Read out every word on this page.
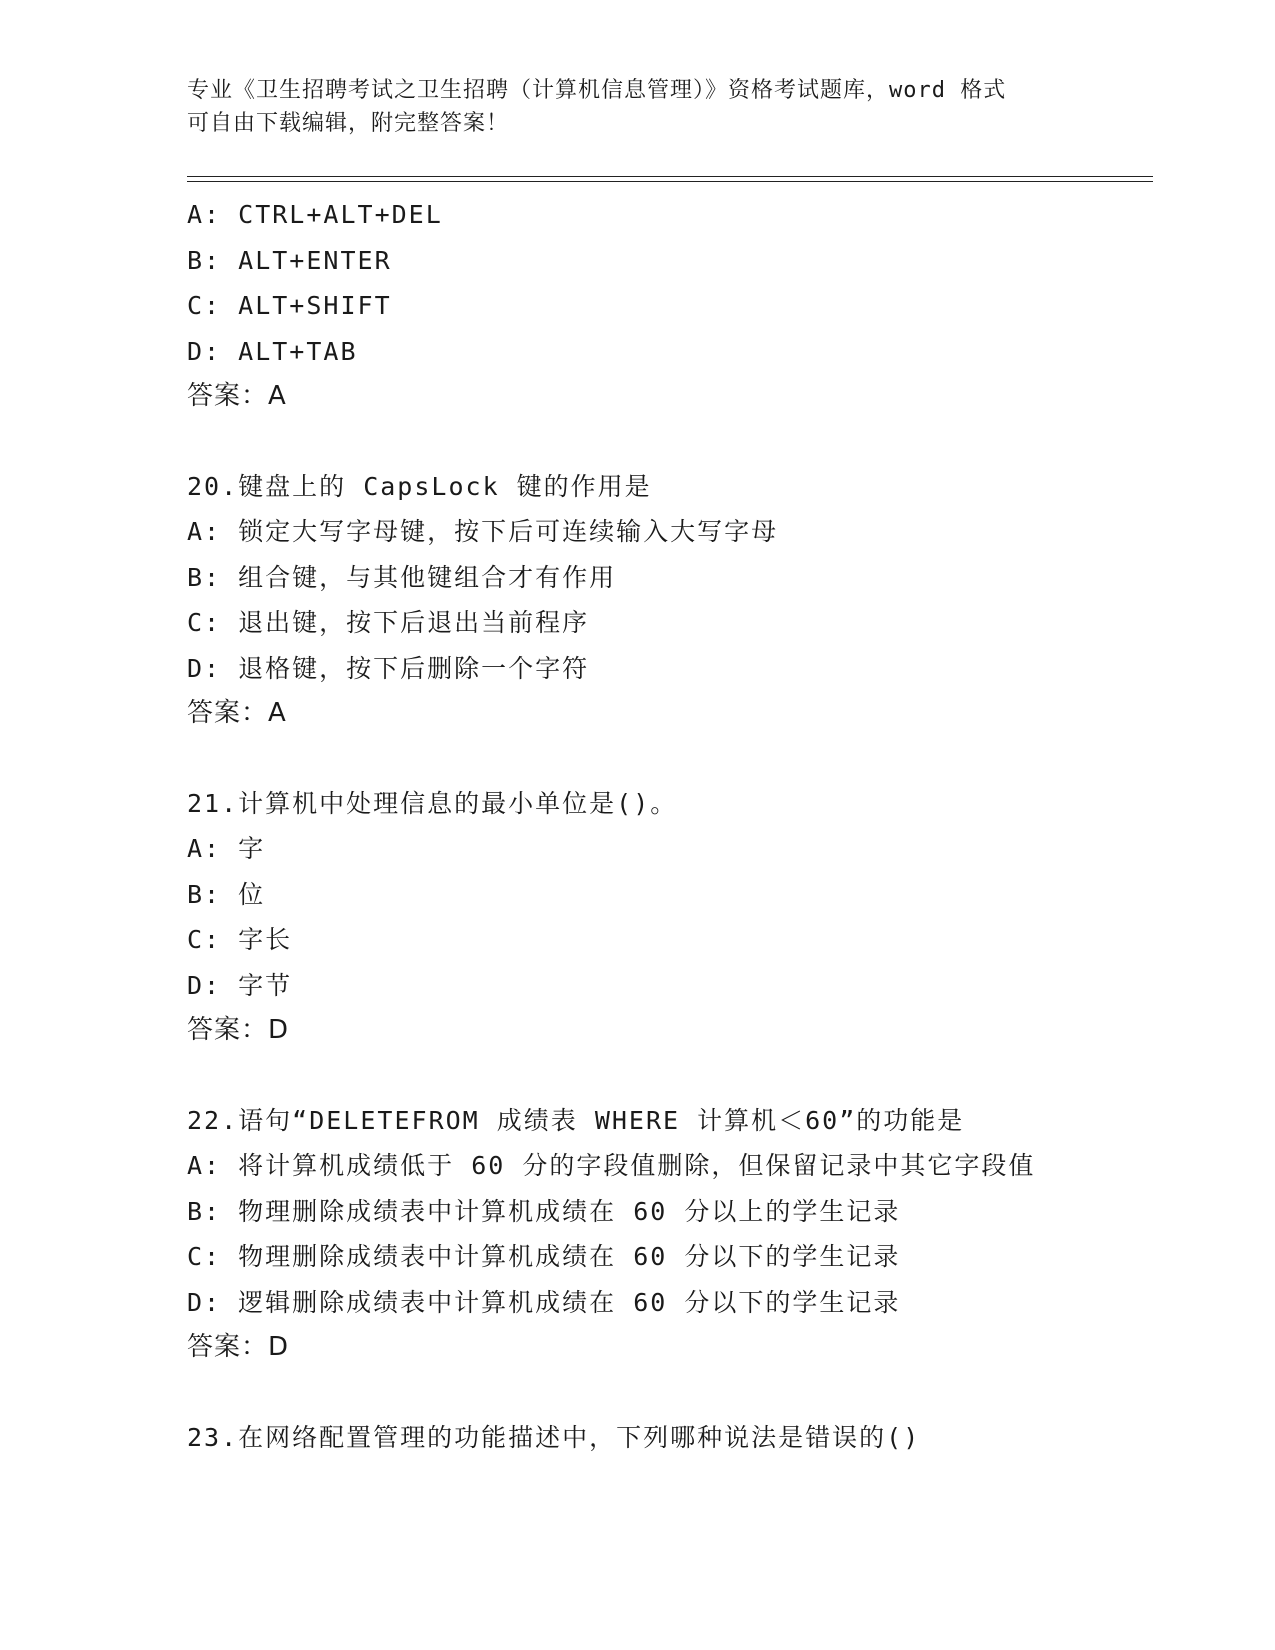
专业《卫生招聘考试之卫生招聘（计算机信息管理）》资格考试题库，word 格式
可自由下载编辑，附完整答案！
A: CTRL+ALT+DEL
B: ALT+ENTER
C: ALT+SHIFT
D: ALT+TAB
答案：A
20.键盘上的 CapsLock 键的作用是
A: 锁定大写字母键，按下后可连续输入大写字母
B: 组合键，与其他键组合才有作用
C: 退出键，按下后退出当前程序
D: 退格键，按下后删除一个字符
答案：A
21.计算机中处理信息的最小单位是()。
A: 字
B: 位
C: 字长
D: 字节
答案：D
22.语句“DELETEFROM 成绩表 WHERE 计算机＜60”的功能是
A: 将计算机成绩低于 60 分的字段值删除，但保留记录中其它字段值
B: 物理删除成绩表中计算机成绩在 60 分以上的学生记录
C: 物理删除成绩表中计算机成绩在 60 分以下的学生记录
D: 逻辑删除成绩表中计算机成绩在 60 分以下的学生记录
答案：D
23.在网络配置管理的功能描述中，下列哪种说法是错误的()
